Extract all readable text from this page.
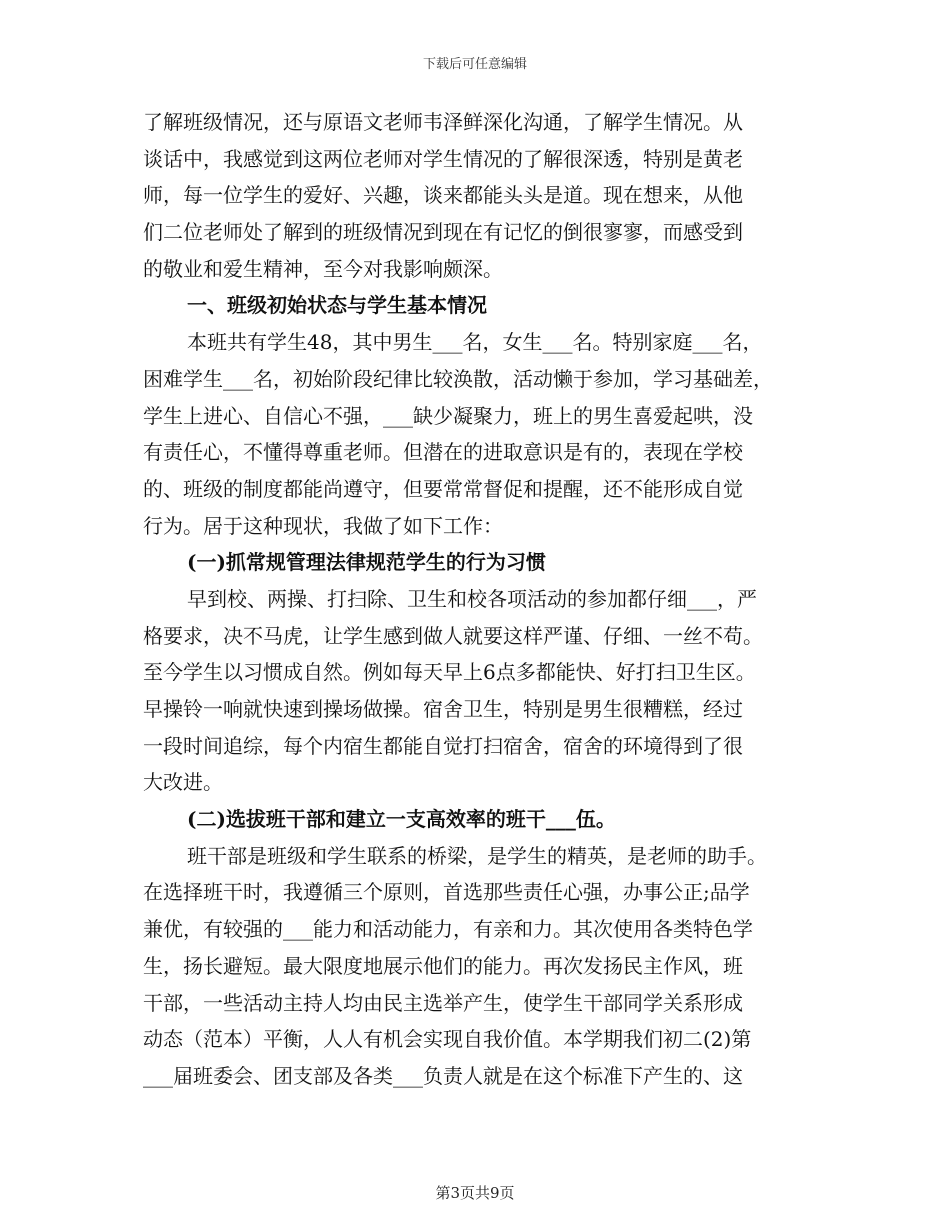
下载后可任意编辑
了解班级情况，还与原语文老师韦泽鲜深化沟通，了解学生情况。从
谈话中，我感觉到这两位老师对学生情况的了解很深透，特别是黄老
师，每一位学生的爱好、兴趣，谈来都能头头是道。现在想来，从他
们二位老师处了解到的班级情况到现在有记忆的倒很寥寥，而感受到
的敬业和爱生精神，至今对我影响颇深。
一、班级初始状态与学生基本情况
本班共有学生48，其中男生___名，女生___名。特别家庭___名，
困难学生___名，初始阶段纪律比较涣散，活动懒于参加，学习基础差，
学生上进心、自信心不强，___缺少凝聚力，班上的男生喜爱起哄，没
有责任心，不懂得尊重老师。但潜在的进取意识是有的，表现在学校
的、班级的制度都能尚遵守，但要常常督促和提醒，还不能形成自觉
行为。居于这种现状，我做了如下工作：
(一)抓常规管理法律规范学生的行为习惯
早到校、两操、打扫除、卫生和校各项活动的参加都仔细___，严
格要求，决不马虎，让学生感到做人就要这样严谨、仔细、一丝不苟。
至今学生以习惯成自然。例如每天早上6点多都能快、好打扫卫生区。
早操铃一响就快速到操场做操。宿舍卫生，特别是男生很糟糕，经过
一段时间追综，每个内宿生都能自觉打扫宿舍，宿舍的环境得到了很
大改进。
(二)选拔班干部和建立一支高效率的班干___伍。
班干部是班级和学生联系的桥梁，是学生的精英，是老师的助手。
在选择班干时，我遵循三个原则，首选那些责任心强，办事公正;品学
兼优，有较强的___能力和活动能力，有亲和力。其次使用各类特色学
生，扬长避短。最大限度地展示他们的能力。再次发扬民主作风，班
干部，一些活动主持人均由民主选举产生，使学生干部同学关系形成
动态（范本）平衡，人人有机会实现自我价值。本学期我们初二(2)第
___届班委会、团支部及各类___负责人就是在这个标准下产生的、这
第3页共9页
